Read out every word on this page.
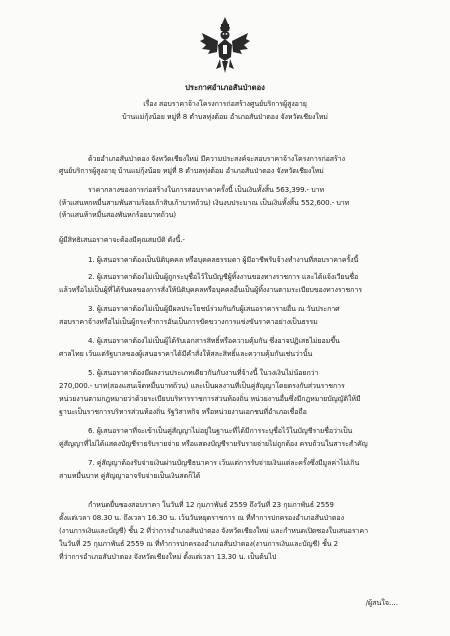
ประกาศอำเภอสันป่าตอง
เรื่อง สอบราคาจ้างโครงการก่อสร้างศูนย์บริการผู้สูงอายุ
บ้านแม่กุ้งน้อย หมู่ที่ 8 ตำบลทุ่งต้อม อำเภอสันป่าตอง จังหวัดเชียงใหม่
ด้วยอำเภอสันป่าตอง จังหวัดเชียงใหม่ มีความประสงค์จะสอบราคาจ้างโครงการก่อสร้าง
ศูนย์บริการผู้สูงอายุ บ้านแม่กุ้งน้อย หมู่ที่ 8 ตำบลทุ่งต้อม อำเภอสันป่าตอง จังหวัดเชียงใหม่
ราคากลางของการก่อสร้างในการสอบราคาครั้งนี้ เป็นเงินทั้งสิ้น 563,399.- บาท
(ห้าแสนหกหมื่นสามพันสามร้อยเก้าสิบเก้าบาทถ้วน) เงินงบประมาณ เป็นเงินทั้งสิ้น 552,600.- บาท
(ห้าแสนห้าหมื่นสองพันหกร้อยบาทถ้วน)
ผู้มีสิทธิเสนอราคาจะต้องมีคุณสมบัติ ดังนี้.-
1. ผู้เสนอราคาต้องเป็นนิติบุคคล หรือบุคคลธรรมดา ผู้มีอาชีพรับจ้างทำงานที่สอบราคาครั้งนี้
2. ผู้เสนอราคาต้องไม่เป็นผู้ถูกระบุชื่อไว้ในบัญชีผู้ทิ้งงานของทางราชการ และได้แจ้งเวียนชื่อ
แล้วหรือไม่เป็นผู้ที่ได้รับผลของการสั่งให้นิติบุคคลหรือบุคคลอื่นเป็นผู้ทิ้งงานตามระเบียบของทางราชการ
3. ผู้เสนอราคาต้องไม่เป็นผู้มีผลประโยชน์ร่วมกันกับผู้เสนอราคารายอื่น ณ วันประกาศ
สอบราคาจ้างหรือไม่เป็นผู้กระทำการอันเป็นการขัดขวางการแข่งขันราคาอย่างเป็นธรรม
4. ผู้เสนอราคาต้องไม่เป็นผู้ได้รับเอกสารสิทธิ์หรือความคุ้มกัน ซึ่งอาจปฏิเสธไม่ยอมขึ้น
ศาลไทย เว้นแต่รัฐบาลของผู้เสนอราคาได้มีคำสั่งให้สละสิทธิ์และความคุ้มกันเช่นว่านั้น
5. ผู้เสนอราคาต้องมีผลงานประเภทเดียวกันกับงานที่จ้างนี้ ในวงเงินไม่น้อยกว่า
270,000.- บาท(สองแสนเจ็ดหมื่นบาทถ้วน) และเป็นผลงานที่เป็นคู่สัญญาโดยตรงกับส่วนราชการ
หน่วยงานตามกฎหมายว่าด้วยระเบียบบริหารราชการส่วนท้องถิ่น หน่วยงานอื่นซึ่งมีกฎหมายบัญญัติให้มี
ฐานะเป็นราชการบริหารส่วนท้องถิ่น รัฐวิสาหกิจ หรือหน่วยงานเอกชนที่อำเภอเชื่อถือ
6. ผู้เสนอราคาที่จะเข้าเป็นคู่สัญญาไม่อยู่ในฐานะที่ได้มีการระบุชื่อไว้ในบัญชีรายชื่อว่าเป็น
คู่สัญญาที่ไม่ได้แสดงบัญชีรายรับรายจ่าย หรือแสดงบัญชีรายรับรายจ่ายไม่ถูกต้อง ครบถ้วนในสาระสำคัญ
7. คู่สัญญาต้องรับจ่ายเงินผ่านบัญชีธนาคาร เว้นแต่การรับจ่ายเงินแต่ละครั้งซึ่งมีมูลค่าไม่เกิน
สามหมื่นบาท คู่สัญญาอาจรับจ่ายเป็นเงินสดก็ได้
กำหนดยื่นซองสอบราคา ในวันที่ 12 กุมภาพันธ์ 2559 ถึงวันที่ 23 กุมภาพันธ์ 2559
ตั้งแต่เวลา 08.30 น. ถึงเวลา 16.30 น. เว้นวันหยุดราชการ ณ ที่ทำการปกครองอำเภอสันป่าตอง
(งานการเงินและบัญชี) ชั้น 2 ที่ว่าการอำเภอสันป่าตอง จังหวัดเชียงใหม่ และกำหนดเปิดซองใบเสนอราคา
ในวันที่ 25 กุมภาพันธ์ 2559 ณ ที่ทำการปกครองอำเภอสันป่าตอง(งานการเงินและบัญชี) ชั้น 2
ที่ว่าการอำเภอสันป่าตอง จังหวัดเชียงใหม่ ตั้งแต่เวลา 13.30 น. เป็นต้นไป
/ผู้สนใจ....
